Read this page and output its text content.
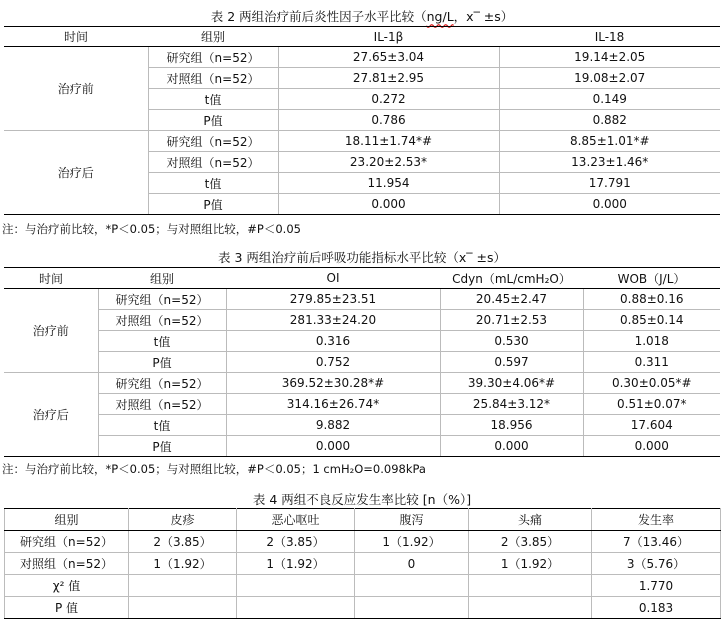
表 2 两组治疗前后炎性因子水平比较（ng/L，x‾ ±s）
时间	组别	IL-1β	IL-18
治疗前	研究组（n=52）	27.65±3.04	19.14±2.05
	对照组（n=52）	27.81±2.95	19.08±2.07
	t值	0.272	0.149
	P值	0.786	0.882
治疗后	研究组（n=52）	18.11±1.74*#	8.85±1.01*#
	对照组（n=52）	23.20±2.53*	13.23±1.46*
	t值	11.954	17.791
	P值	0.000	0.000
注：与治疗前比较，*P＜0.05；与对照组比较，#P＜0.05
表 3 两组治疗前后呼吸功能指标水平比较（x‾ ±s）
时间	组别	OI	Cdyn（mL/cmH₂O）	WOB（J/L）
治疗前	研究组（n=52）	279.85±23.51	20.45±2.47	0.88±0.16
	对照组（n=52）	281.33±24.20	20.71±2.53	0.85±0.14
	t值	0.316	0.530	1.018
	P值	0.752	0.597	0.311
治疗后	研究组（n=52）	369.52±30.28*#	39.30±4.06*#	0.30±0.05*#
	对照组（n=52）	314.16±26.74*	25.84±3.12*	0.51±0.07*
	t值	9.882	18.956	17.604
	P值	0.000	0.000	0.000
注：与治疗前比较，*P＜0.05；与对照组比较，#P＜0.05；1 cmH₂O=0.098kPa
表 4 两组不良反应发生率比较 [n（%）]
组别	皮疹	恶心呕吐	腹泻	头痛	发生率
研究组（n=52）	2（3.85）	2（3.85）	1（1.92）	2（3.85）	7（13.46）
对照组（n=52）	1（1.92）	1（1.92）	0	1（1.92）	3（5.76）
χ² 值					1.770
P 值					0.183
